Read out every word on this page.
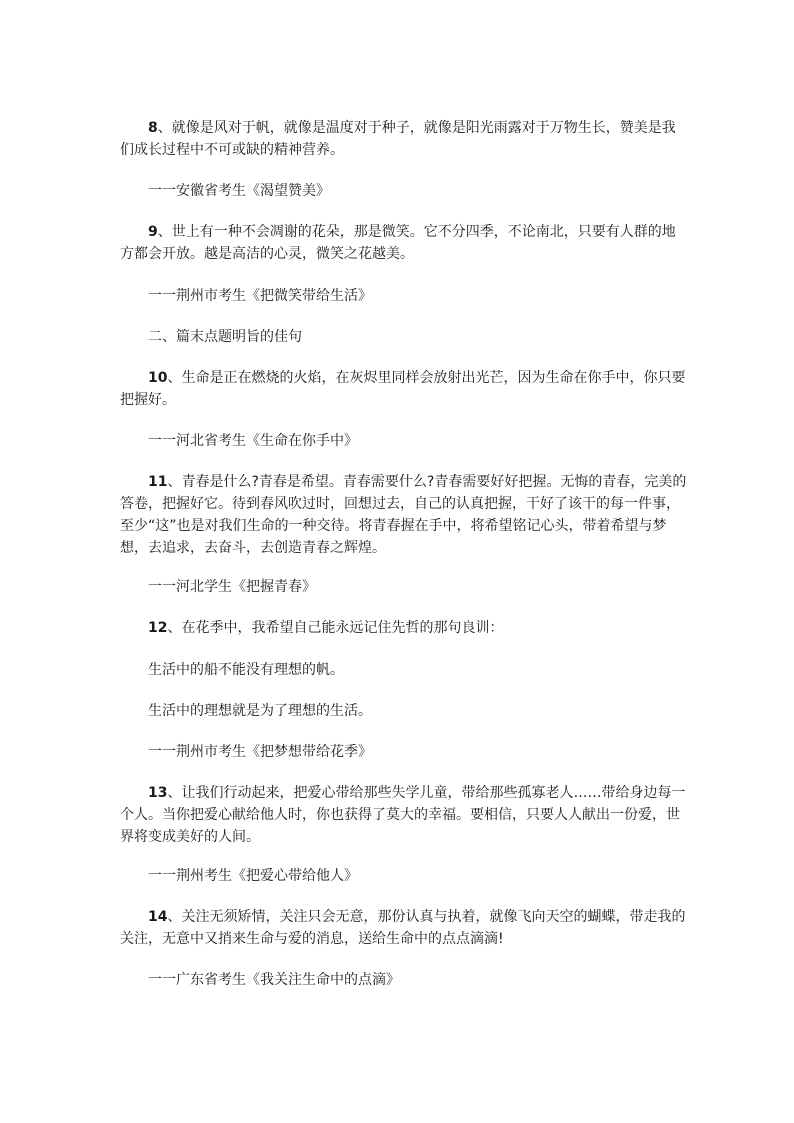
8、就像是风对于帆，就像是温度对于种子，就像是阳光雨露对于万物生长，赞美是我
们成长过程中不可或缺的精神营养。
一一安徽省考生《渴望赞美》
9、世上有一种不会凋谢的花朵，那是微笑。它不分四季，不论南北，只要有人群的地
方都会开放。越是高洁的心灵，微笑之花越美。
一一荆州市考生《把微笑带给生活》
二、篇末点题明旨的佳句
10、生命是正在燃烧的火焰，在灰烬里同样会放射出光芒，因为生命在你手中，你只要
把握好。
一一河北省考生《生命在你手中》
11、青春是什么?青春是希望。青春需要什么?青春需要好好把握。无悔的青春，完美的
答卷，把握好它。待到春风吹过时，回想过去，自己的认真把握，干好了该干的每一件事，
至少“这”也是对我们生命的一种交待。将青春握在手中，将希望铭记心头，带着希望与梦
想，去追求，去奋斗，去创造青春之辉煌。
一一河北学生《把握青春》
12、在花季中，我希望自己能永远记住先哲的那句良训：
生活中的船不能没有理想的帆。
生活中的理想就是为了理想的生活。
一一荆州市考生《把梦想带给花季》
13、让我们行动起来，把爱心带给那些失学儿童，带给那些孤寡老人……带给身边每一
个人。当你把爱心献给他人时，你也获得了莫大的幸福。要相信，只要人人献出一份爱，世
界将变成美好的人间。
一一荆州考生《把爱心带给他人》
14、关注无须矫情，关注只会无意，那份认真与执着，就像飞向天空的蝴蝶，带走我的
关注，无意中又捎来生命与爱的消息，送给生命中的点点滴滴!
一一广东省考生《我关注生命中的点滴》
